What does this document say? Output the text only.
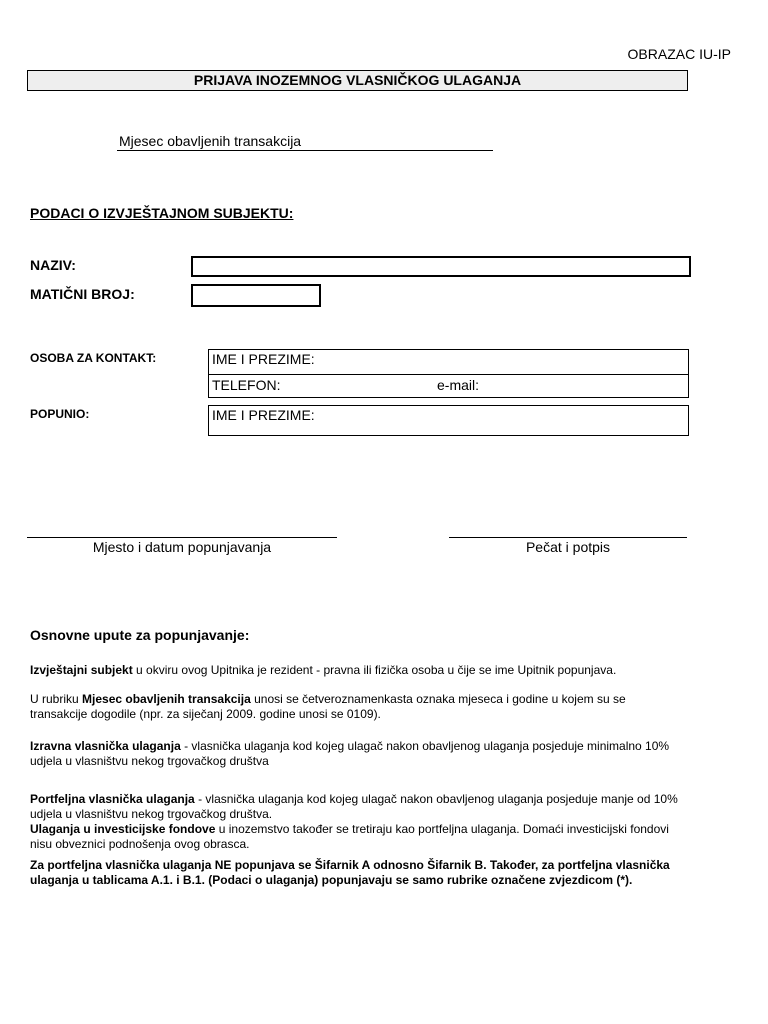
OBRAZAC IU-IP
PRIJAVA INOZEMNOG VLASNIČKOG ULAGANJA
Mjesec obavljenih transakcija
PODACI O IZVJEŠTAJNOM SUBJEKTU:
NAZIV:
MATIČNI BROJ:
OSOBA ZA KONTAKT:	IME I PREZIME:
TELEFON:	e-mail:
POPUNIO:	IME I PREZIME:
Mjesto i datum popunjavanja	Pečat i potpis
Osnovne upute za popunjavanje:
Izvještajni subjekt u okviru ovog Upitnika je rezident - pravna ili fizička osoba u čije se ime Upitnik popunjava.
U rubriku Mjesec obavljenih transakcija unosi se četveroznamenkasta oznaka mjeseca i godine u kojem su se transakcije dogodile (npr. za siječanj 2009. godine unosi se 0109).
Izravna vlasnička ulaganja - vlasnička ulaganja kod kojeg ulagač nakon obavljenog ulaganja posjeduje minimalno 10% udjela u vlasništvu nekog trgovačkog društva
Portfeljna vlasnička ulaganja - vlasnička ulaganja kod kojeg ulagač nakon obavljenog ulaganja posjeduje manje od 10% udjela u vlasništvu nekog trgovačkog društva.
Ulaganja u investicijske fondove u inozemstvo također se tretiraju kao portfeljna ulaganja. Domaći investicijski fondovi nisu obveznici podnošenja ovog obrasca.
Za portfeljna vlasnička ulaganja NE popunjava se Šifarnik A odnosno Šifarnik B. Također, za portfeljna vlasnička ulaganja u tablicama A.1. i B.1. (Podaci o ulaganja) popunjavaju se samo rubrike označene zvjezdicom (*).
